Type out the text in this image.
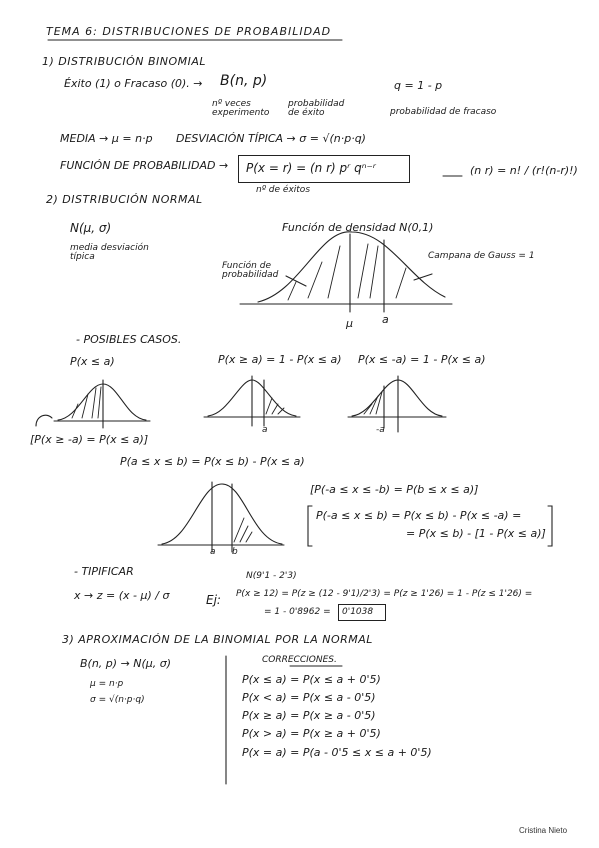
TEMA 6: DISTRIBUCIONES DE PROBABILIDAD
1) DISTRIBUCIÓN BINOMIAL
Éxito (1) o Fracaso (0). → B(n, p)	q = 1 - p
nº veces experimento
probabilidad de éxito	probabilidad de fracaso
MEDIA → μ = n·p DESVIACIÓN TÍPICA → σ = √(n·p·q)
FUNCIÓN DE PROBABILIDAD → P(x = r) = (n r) pʳ qⁿ⁻ʳ
nº de éxitos
(n r) = n! / (r!(n-r)!)
2) DISTRIBUCIÓN NORMAL
N(μ, σ)
media desviación típica
Función de densidad N(0,1)
Función de probabilidad
Campana de Gauss = 1
μ	a
- POSIBLES CASOS.
P(x ≤ a)	P(x ≥ a) = 1 - P(x ≤ a) P(x ≤ -a) = 1 - P(x ≤ a)
[P(x ≥ -a) = P(x ≤ a)]
P(a ≤ x ≤ b) = P(x ≤ b) - P(x ≤ a)
[P(-a ≤ x ≤ -b) = P(b ≤ x ≤ a)]
P(-a ≤ x ≤ b) = P(x ≤ b) - P(x ≤ -a) =
= P(x ≤ b) - [1 - P(x ≤ a)]
a b
a	-a
- TIPIFICAR
x → z = (x - μ) / σ	Ej:
N(9'1 - 2'3)
P(x ≥ 12) = P(z ≥ (12 - 9'1)/2'3) = P(z ≥ 1'26) = 1 - P(z ≤ 1'26) =
= 1 - 0'8962 = 0'1038
3) APROXIMACIÓN DE LA BINOMIAL POR LA NORMAL
B(n, p) → N(μ, σ)
μ = n·p
σ = √(n·p·q)
CORRECCIONES.
P(x ≤ a) = P(x ≤ a + 0'5)
P(x < a) = P(x ≤ a - 0'5)
P(x ≥ a) = P(x ≥ a - 0'5)
P(x > a) = P(x ≥ a + 0'5)
P(x = a) = P(a - 0'5 ≤ x ≤ a + 0'5)
Cristina Nieto
